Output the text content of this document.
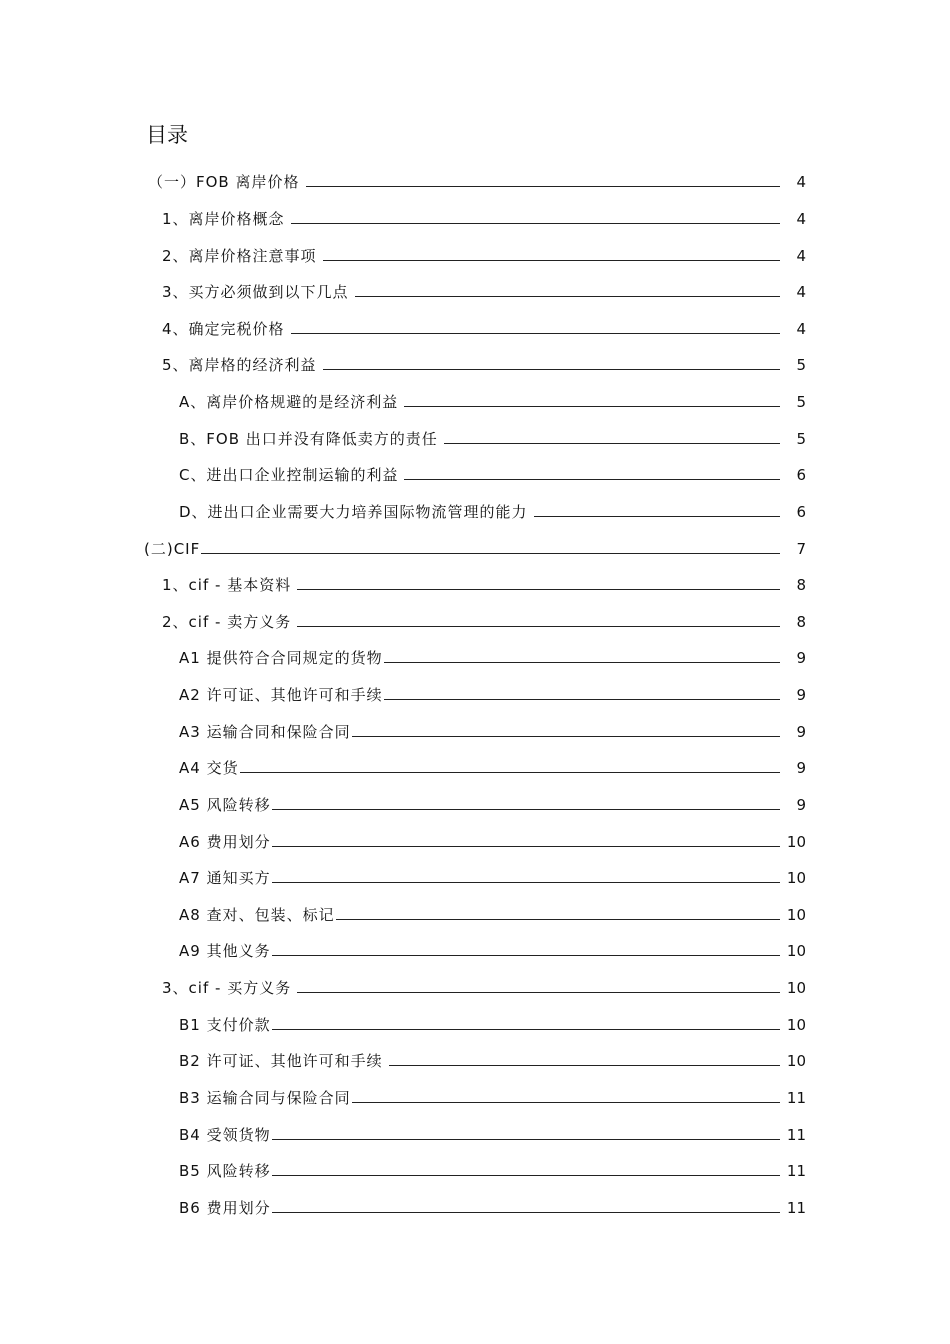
目录
（一）FOB 离岸价格	4
1、离岸价格概念	4
2、离岸价格注意事项	4
3、买方必须做到以下几点	4
4、确定完税价格	4
5、离岸格的经济利益	5
A、离岸价格规避的是经济利益	5
B、FOB 出口并没有降低卖方的责任	5
C、进出口企业控制运输的利益	6
D、进出口企业需要大力培养国际物流管理的能力	6
(二)CIF	7
1、cif - 基本资料	8
2、cif - 卖方义务	8
A1 提供符合合同规定的货物	9
A2 许可证、其他许可和手续	9
A3 运输合同和保险合同	9
A4 交货	9
A5 风险转移	9
A6 费用划分	10
A7 通知买方	10
A8 查对、包装、标记	10
A9 其他义务	10
3、cif - 买方义务	10
B1 支付价款	10
B2 许可证、其他许可和手续	10
B3 运输合同与保险合同	11
B4 受领货物	11
B5 风险转移	11
B6 费用划分	11
